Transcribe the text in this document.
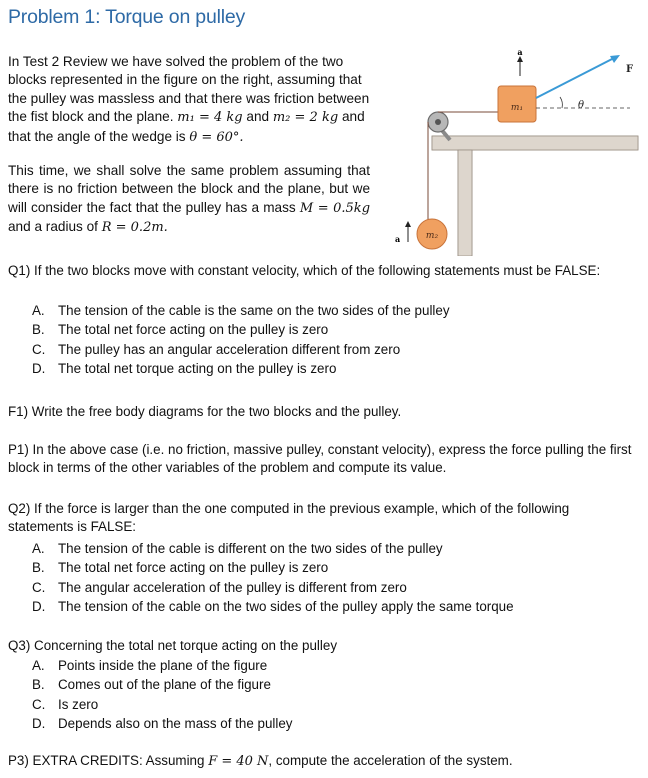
Problem 1: Torque on pulley
In Test 2 Review we have solved the problem of the two blocks represented in the figure on the right, assuming that the pulley was massless and that there was friction between the fist block and the plane. m₁ = 4 kg and m₂ = 2 kg and that the angle of the wedge is θ = 60°.
This time, we shall solve the same problem assuming that there is no friction between the block and the plane, but we will consider the fact that the pulley has a mass M = 0.5kg and a radius of R = 0.2m.
m₁
a
F
θ
m₂
a
Q1) If the two blocks move with constant velocity, which of the following statements must be FALSE:
A. The tension of the cable is the same on the two sides of the pulley
B. The total net force acting on the pulley is zero
C. The pulley has an angular acceleration different from zero
D. The total net torque acting on the pulley is zero
F1) Write the free body diagrams for the two blocks and the pulley.
P1) In the above case (i.e. no friction, massive pulley, constant velocity), express the force pulling the first block in terms of the other variables of the problem and compute its value.
Q2) If the force is larger than the one computed in the previous example, which of the following statements is FALSE:
A. The tension of the cable is different on the two sides of the pulley
B. The total net force acting on the pulley is zero
C. The angular acceleration of the pulley is different from zero
D. The tension of the cable on the two sides of the pulley apply the same torque
Q3) Concerning the total net torque acting on the pulley
A. Points inside the plane of the figure
B. Comes out of the plane of the figure
C. Is zero
D. Depends also on the mass of the pulley
P3) EXTRA CREDITS: Assuming F = 40 N, compute the acceleration of the system.
